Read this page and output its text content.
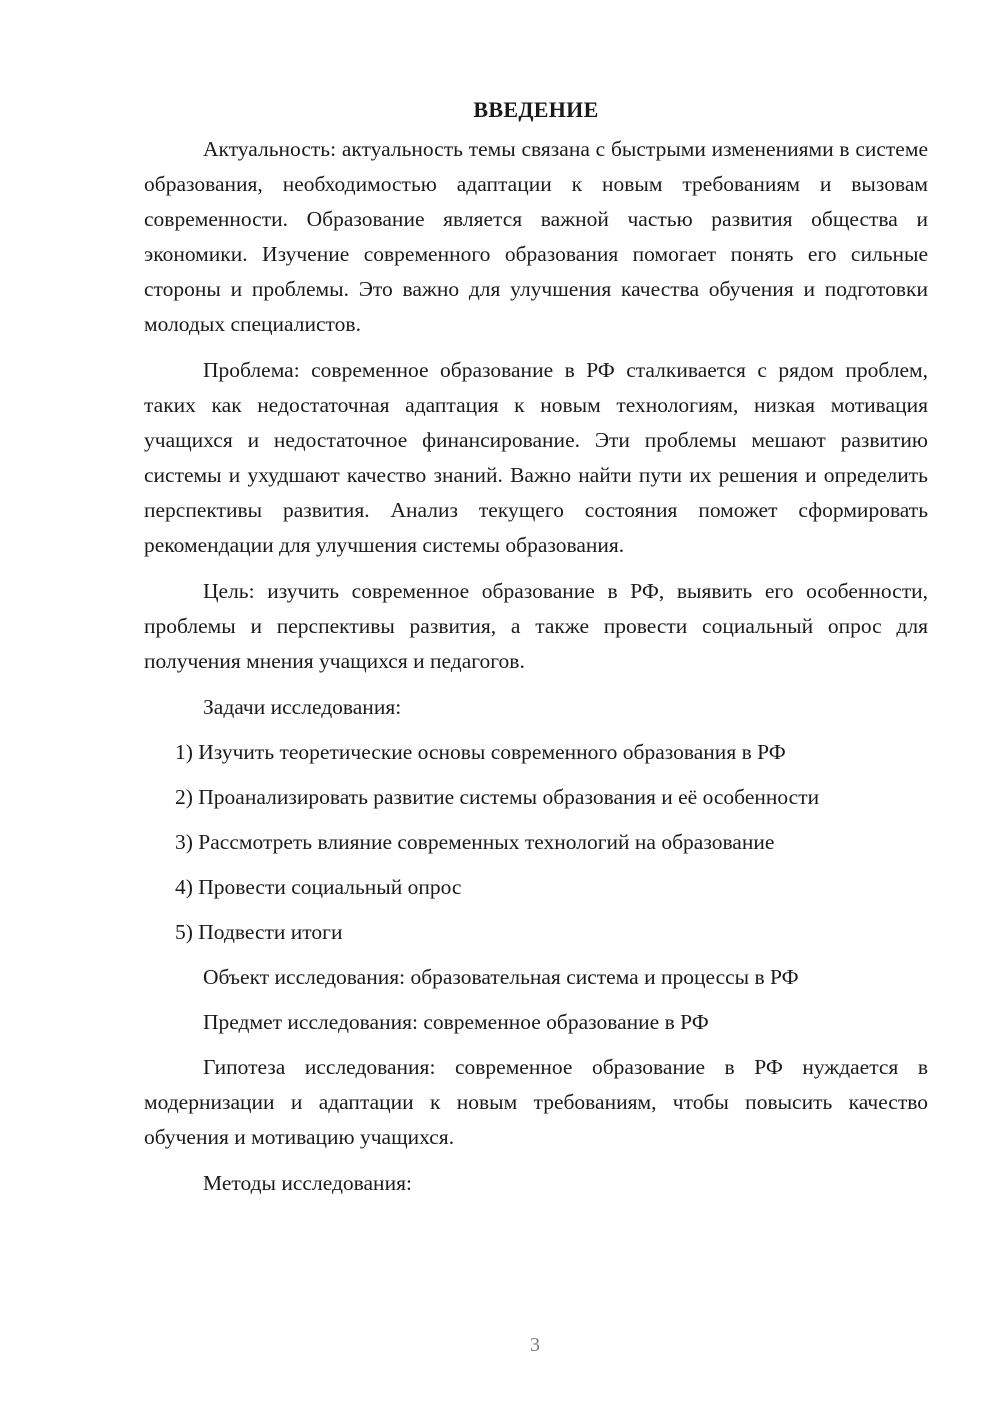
ВВЕДЕНИЕ

Актуальность: актуальность темы связана с быстрыми изменениями в системе образования, необходимостью адаптации к новым требованиям и вызовам современности. Образование является важной частью развития общества и экономики. Изучение современного образования помогает понять его сильные стороны и проблемы. Это важно для улучшения качества обучения и подготовки молодых специалистов.

Проблема: современное образование в РФ сталкивается с рядом проблем, таких как недостаточная адаптация к новым технологиям, низкая мотивация учащихся и недостаточное финансирование. Эти проблемы мешают развитию системы и ухудшают качество знаний. Важно найти пути их решения и определить перспективы развития. Анализ текущего состояния поможет сформировать рекомендации для улучшения системы образования.

Цель: изучить современное образование в РФ, выявить его особенности, проблемы и перспективы развития, а также провести социальный опрос для получения мнения учащихся и педагогов.

Задачи исследования:
1) Изучить теоретические основы современного образования в РФ
2) Проанализировать развитие системы образования и её особенности
3) Рассмотреть влияние современных технологий на образование
4) Провести социальный опрос
5) Подвести итоги
Объект исследования: образовательная система и процессы в РФ
Предмет исследования: современное образование в РФ

Гипотеза исследования: современное образование в РФ нуждается в модернизации и адаптации к новым требованиям, чтобы повысить качество обучения и мотивацию учащихся.

Методы исследования:
3
